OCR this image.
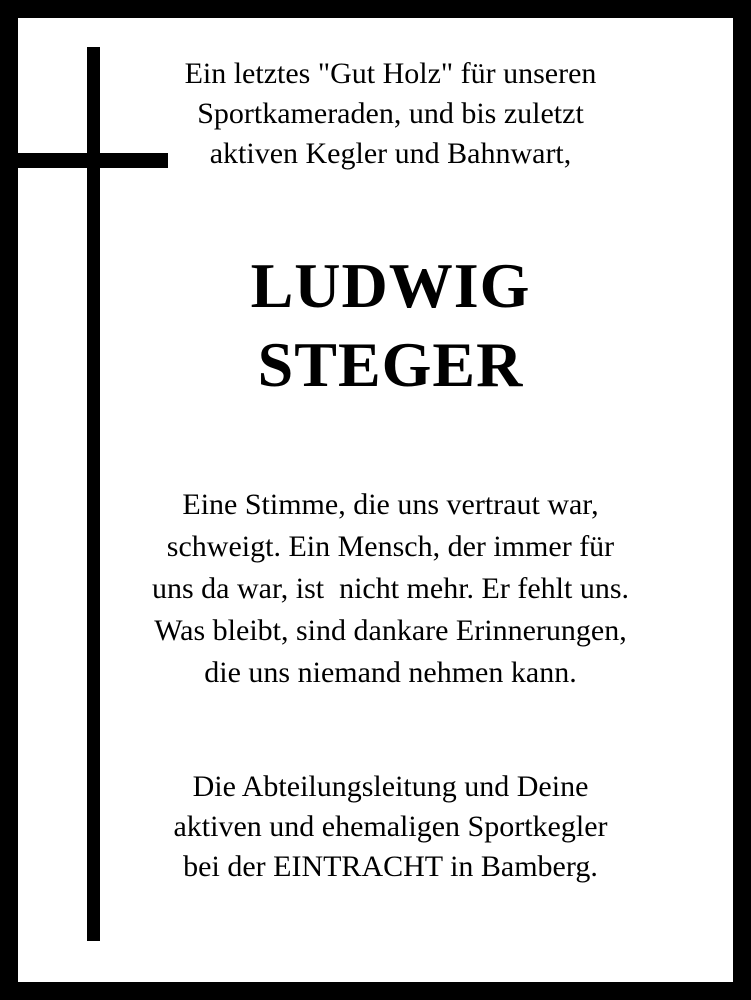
Ein letztes "Gut Holz" für unseren
Sportkameraden, und bis zuletzt
aktiven Kegler und Bahnwart,
LUDWIG
STEGER
Eine Stimme, die uns vertraut war,
schweigt. Ein Mensch, der immer für
uns da war, ist  nicht mehr. Er fehlt uns.
Was bleibt, sind dankare Erinnerungen,
die uns niemand nehmen kann.
Die Abteilungsleitung und Deine
aktiven und ehemaligen Sportkegler
bei der EINTRACHT in Bamberg.
